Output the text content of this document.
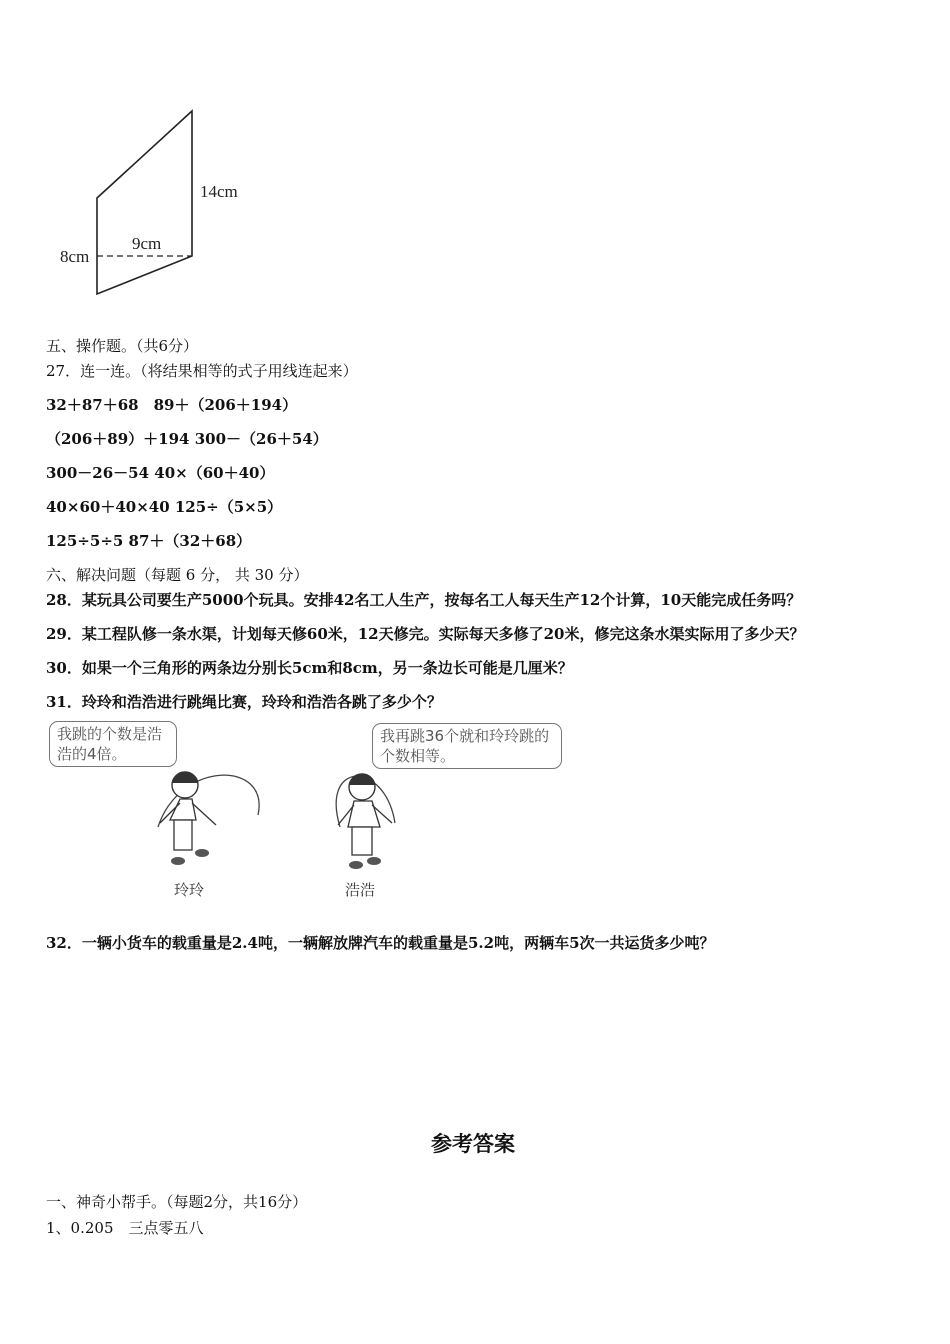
14cm
9cm
8cm
五、操作题。（共6分）
27．连一连。（将结果相等的式子用线连起来）
32＋87＋68　89＋（206＋194）
（206＋89）＋194 300－（26＋54）
300－26－54 40×（60＋40）
40×60＋40×40 125÷（5×5）
125÷5÷5 87＋（32＋68）
六、解决问题（每题 6 分， 共 30 分）
28．某玩具公司要生产5000个玩具。安排42名工人生产，按每名工人每天生产12个计算，10天能完成任务吗？
29．某工程队修一条水渠，计划每天修60米，12天修完。实际每天多修了20米，修完这条水渠实际用了多少天？
30．如果一个三角形的两条边分别长5cm和8cm，另一条边长可能是几厘米？
31．玲玲和浩浩进行跳绳比赛，玲玲和浩浩各跳了多少个？
我跳的个数是浩浩的4倍。
我再跳36个就和玲玲跳的个数相等。
玲玲	浩浩
32．一辆小货车的载重量是2.4吨，一辆解放牌汽车的载重量是5.2吨，两辆车5次一共运货多少吨？
参考答案
一、神奇小帮手。（每题2分，共16分）
1、0.205　三点零五八
